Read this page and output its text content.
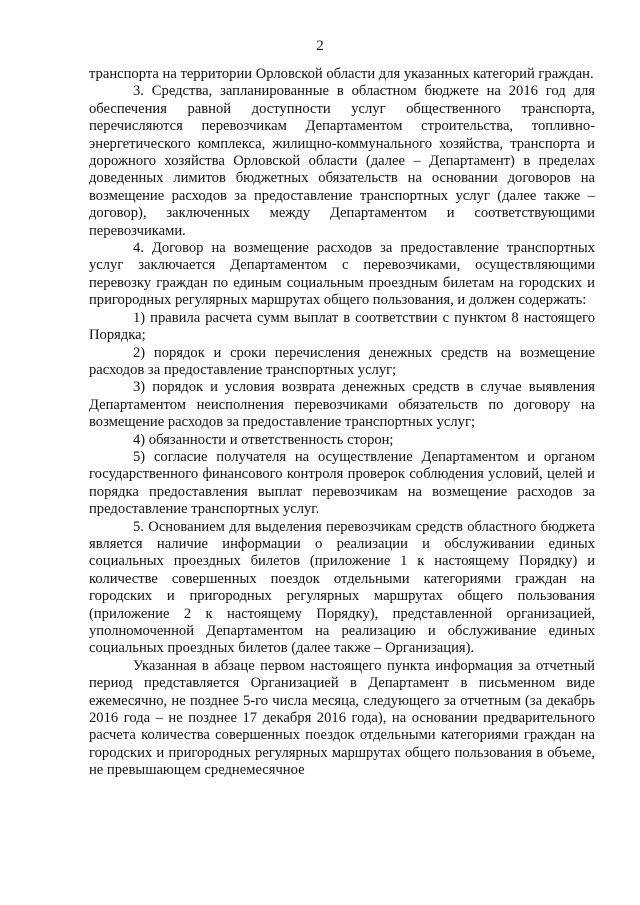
2

транспорта на территории Орловской области для указанных категорий граждан.

3. Средства, запланированные в областном бюджете на 2016 год для обеспечения равной доступности услуг общественного транспорта, перечисляются перевозчикам Департаментом строительства, топливно-энергетического комплекса, жилищно-коммунального хозяйства, транспорта и дорожного хозяйства Орловской области (далее – Департамент) в пределах доведенных лимитов бюджетных обязательств на основании договоров на возмещение расходов за предоставление транспортных услуг (далее также – договор), заключенных между Департаментом и соответствующими перевозчиками.

4. Договор на возмещение расходов за предоставление транспортных услуг заключается Департаментом с перевозчиками, осуществляющими перевозку граждан по единым социальным проездным билетам на городских и пригородных регулярных маршрутах общего пользования, и должен содержать:

1) правила расчета сумм выплат в соответствии с пунктом 8 настоящего Порядка;

2) порядок и сроки перечисления денежных средств на возмещение расходов за предоставление транспортных услуг;

3) порядок и условия возврата денежных средств в случае выявления Департаментом неисполнения перевозчиками обязательств по договору на возмещение расходов за предоставление транспортных услуг;

4) обязанности и ответственность сторон;

5) согласие получателя на осуществление Департаментом и органом государственного финансового контроля проверок соблюдения условий, целей и порядка предоставления выплат перевозчикам на возмещение расходов за предоставление транспортных услуг.

5. Основанием для выделения перевозчикам средств областного бюджета является наличие информации о реализации и обслуживании единых социальных проездных билетов (приложение 1 к настоящему Порядку) и количестве совершенных поездок отдельными категориями граждан на городских и пригородных регулярных маршрутах общего пользования (приложение 2 к настоящему Порядку), представленной организацией, уполномоченной Департаментом на реализацию и обслуживание единых социальных проездных билетов (далее также – Организация).

Указанная в абзаце первом настоящего пункта информация за отчетный период представляется Организацией в Департамент в письменном виде ежемесячно, не позднее 5-го числа месяца, следующего за отчетным (за декабрь 2016 года – не позднее 17 декабря 2016 года), на основании предварительного расчета количества совершенных поездок отдельными категориями граждан на городских и пригородных регулярных маршрутах общего пользования в объеме, не превышающем среднемесячное
